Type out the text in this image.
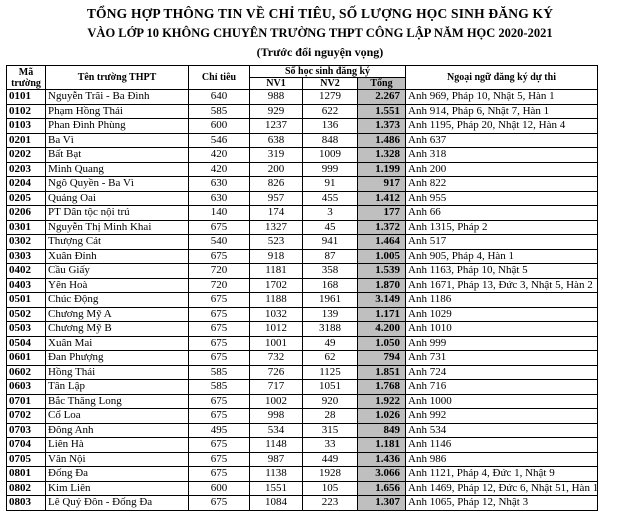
TỔNG HỢP THÔNG TIN VỀ CHỈ TIÊU, SỐ LƯỢNG HỌC SINH ĐĂNG KÝ
VÀO LỚP 10 KHÔNG CHUYÊN TRƯỜNG THPT CÔNG LẬP NĂM HỌC 2020-2021
(Trước đổi nguyện vọng)
Mã
trường	Tên trường THPT	Chỉ tiêu	Số học sinh đăng ký			Ngoại ngữ đăng ký dự thi
			NV1	NV2	Tổng	
0101	Nguyễn Trãi - Ba Đình	640	988	1279	2.267	Anh 969, Pháp 10, Nhật 5, Hàn 1
0102	Phạm Hồng Thái	585	929	622	1.551	Anh 914, Pháp 6, Nhật 7, Hàn 1
0103	Phan Đình Phùng	600	1237	136	1.373	Anh 1195, Pháp 20, Nhật 12, Hàn 4
0201	Ba Vì	546	638	848	1.486	Anh 637
0202	Bất Bạt	420	319	1009	1.328	Anh 318
0203	Minh Quang	420	200	999	1.199	Anh 200
0204	Ngô Quyền - Ba Vì	630	826	91	917	Anh 822
0205	Quảng Oai	630	957	455	1.412	Anh 955
0206	PT Dân tộc nội trú	140	174	3	177	Anh 66
0301	Nguyễn Thị Minh Khai	675	1327	45	1.372	Anh 1315, Pháp 2
0302	Thượng Cát	540	523	941	1.464	Anh 517
0303	Xuân Đỉnh	675	918	87	1.005	Anh 905, Pháp 4, Hàn 1
0402	Cầu Giấy	720	1181	358	1.539	Anh 1163, Pháp 10, Nhật 5
0403	Yên Hoà	720	1702	168	1.870	Anh 1671, Pháp 13, Đức 3, Nhật 5, Hàn 2
0501	Chúc Động	675	1188	1961	3.149	Anh 1186
0502	Chương Mỹ A	675	1032	139	1.171	Anh 1029
0503	Chương Mỹ B	675	1012	3188	4.200	Anh 1010
0504	Xuân Mai	675	1001	49	1.050	Anh 999
0601	Đan Phượng	675	732	62	794	Anh 731
0602	Hồng Thái	585	726	1125	1.851	Anh 724
0603	Tân Lập	585	717	1051	1.768	Anh 716
0701	Bắc Thăng Long	675	1002	920	1.922	Anh 1000
0702	Cổ Loa	675	998	28	1.026	Anh 992
0703	Đông Anh	495	534	315	849	Anh 534
0704	Liên Hà	675	1148	33	1.181	Anh 1146
0705	Vân Nội	675	987	449	1.436	Anh 986
0801	Đống Đa	675	1138	1928	3.066	Anh 1121, Pháp 4, Đức 1, Nhật 9
0802	Kim Liên	600	1551	105	1.656	Anh 1469, Pháp 12, Đức 6, Nhật 51, Hàn 1
0803	Lê Quý Đôn - Đống Đa	675	1084	223	1.307	Anh 1065, Pháp 12, Nhật 3
